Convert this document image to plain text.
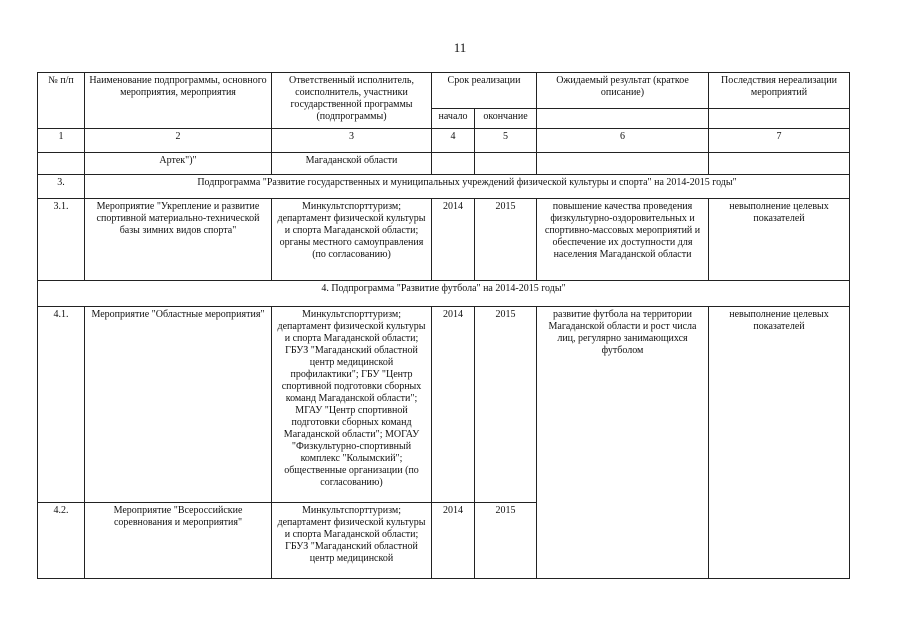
11
№ п/п	Наименование подпрограммы, основного мероприятия, мероприятия	Ответственный исполнитель, соисполнитель, участники государственной программы (подпрограммы)	Срок реализации		Ожидаемый результат (краткое описание)	Последствия нереализации мероприятий
			начало	окончание		
1	2	3	4	5	6	7
	Артек")"	Магаданской области				
3.	Подпрограмма "Развитие государственных и муниципальных учреждений физической культуры и спорта" на 2014-2015 годы"					
3.1.	Мероприятие "Укрепление и развитие спортивной материально-технической базы зимних видов спорта"	Минкультспорттуризм; департамент физической культуры и спорта Магаданской области; органы местного самоуправления (по согласованию)	2014	2015	повышение качества проведения физкультурно-оздоровительных и спортивно-массовых мероприятий и обеспечение их доступности для населения Магаданской области	невыполнение целевых показателей
4. Подпрограмма "Развитие футбола" на 2014-2015 годы"						
4.1.	Мероприятие "Областные мероприятия"	Минкультспорттуризм; департамент физической культуры и спорта Магаданской области; ГБУЗ "Магаданский областной центр медицинской профилактики"; ГБУ "Центр спортивной подготовки сборных команд Магаданской области"; МГАУ "Центр спортивной подготовки сборных команд Магаданской области"; МОГАУ "Физкультурно-спортивный комплекс "Колымский"; общественные организации (по согласованию)	2014	2015	развитие футбола на территории Магаданской области и рост числа лиц, регулярно занимающихся футболом	невыполнение целевых показателей
4.2.	Мероприятие "Всероссийские соревнования и мероприятия"	Минкультспорттуризм; департамент физической культуры и спорта Магаданской области; ГБУЗ "Магаданский областной центр медицинской	2014	2015		
